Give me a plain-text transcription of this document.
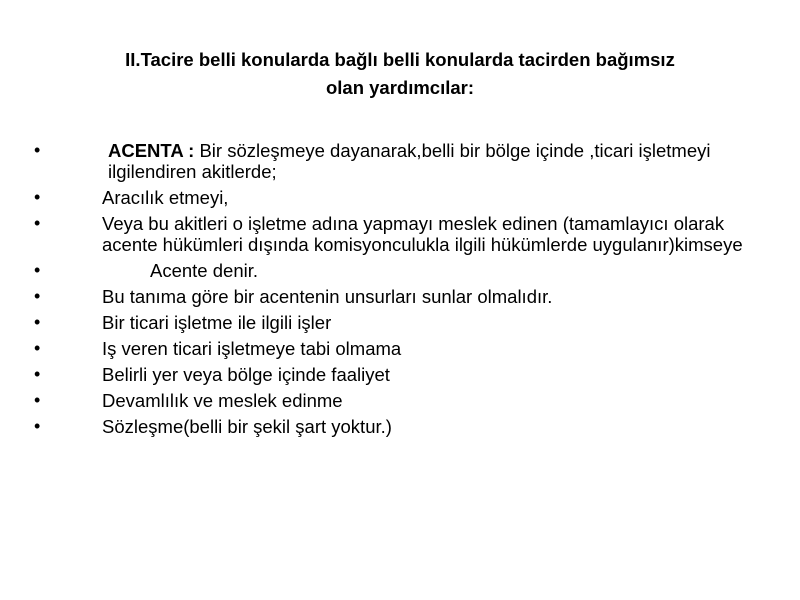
II.Tacire belli konularda bağlı belli konularda tacirden bağımsız
olan yardımcılar:
•	ACENTA : Bir sözleşmeye dayanarak,belli bir bölge içinde ,ticari işletmeyi ilgilendiren akitlerde;
•	Aracılık etmeyi,
•	Veya bu akitleri o işletme adına yapmayı meslek edinen (tamamlayıcı olarak acente hükümleri dışında komisyonculukla ilgili hükümlerde uygulanır)kimseye
•	Acente denir.
•	Bu tanıma göre bir acentenin unsurları sunlar olmalıdır.
•	Bir ticari işletme ile ilgili işler
•	Iş veren ticari işletmeye tabi olmama
•	Belirli yer veya bölge içinde faaliyet
•	Devamlılık ve meslek edinme
•	Sözleşme(belli bir şekil şart yoktur.)
